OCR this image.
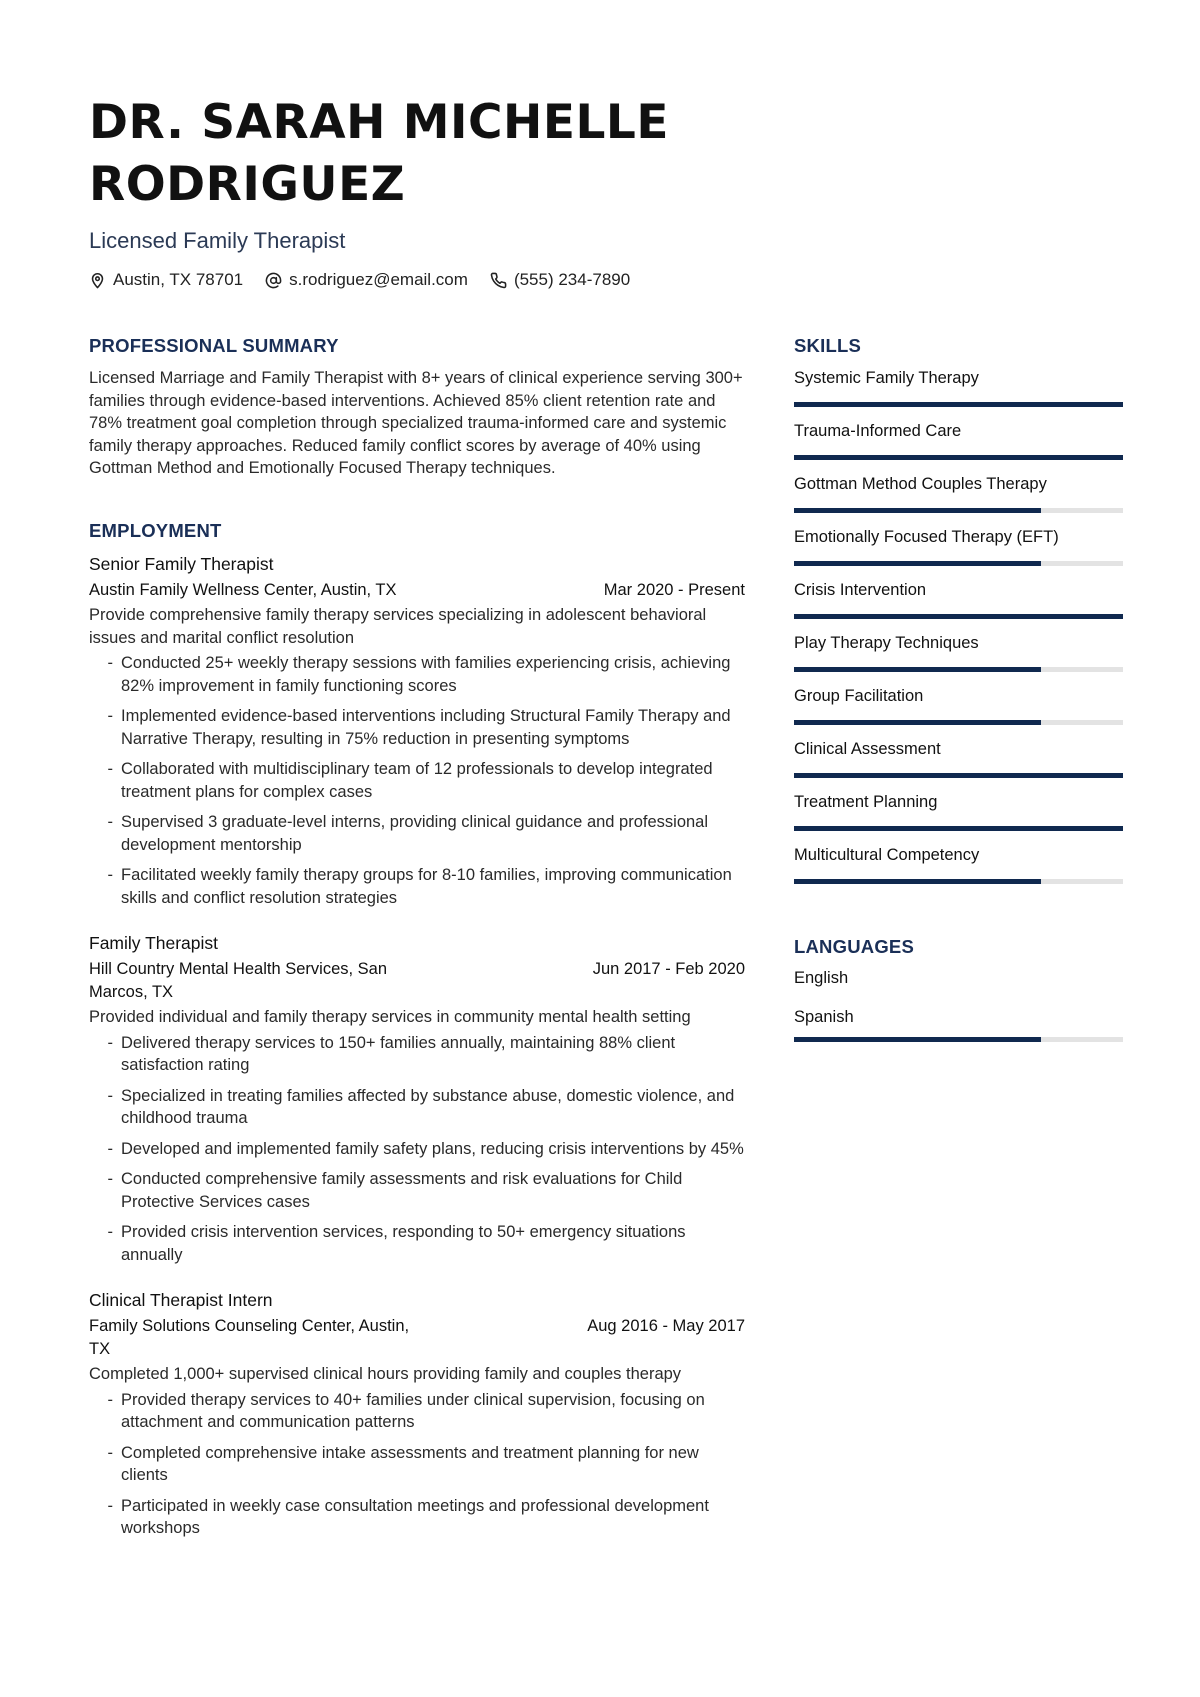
DR. SARAH MICHELLE
RODRIGUEZ
Licensed Family Therapist
Austin, TX 78701	s.rodriguez@email.com	(555) 234-7890
PROFESSIONAL SUMMARY

Licensed Marriage and Family Therapist with 8+ years of clinical experience serving 300+ families through evidence-based interventions. Achieved 85% client retention rate and 78% treatment goal completion through specialized trauma-informed care and systemic family therapy approaches. Reduced family conflict scores by average of 40% using Gottman Method and Emotionally Focused Therapy techniques.

EMPLOYMENT
Senior Family Therapist
Austin Family Wellness Center, Austin, TX	Mar 2020 - Present
Provide comprehensive family therapy services specializing in adolescent behavioral issues and marital conflict resolution
- Conducted 25+ weekly therapy sessions with families experiencing crisis, achieving 82% improvement in family functioning scores
- Implemented evidence-based interventions including Structural Family Therapy and Narrative Therapy, resulting in 75% reduction in presenting symptoms
- Collaborated with multidisciplinary team of 12 professionals to develop integrated treatment plans for complex cases
- Supervised 3 graduate-level interns, providing clinical guidance and professional development mentorship
- Facilitated weekly family therapy groups for 8-10 families, improving communication skills and conflict resolution strategies
Family Therapist
Hill Country Mental Health Services, San Marcos, TX
Jun 2017 - Feb 2020
Provided individual and family therapy services in community mental health setting
- Delivered therapy services to 150+ families annually, maintaining 88% client satisfaction rating
- Specialized in treating families affected by substance abuse, domestic violence, and childhood trauma
- Developed and implemented family safety plans, reducing crisis interventions by 45%
- Conducted comprehensive family assessments and risk evaluations for Child Protective Services cases
- Provided crisis intervention services, responding to 50+ emergency situations annually
Clinical Therapist Intern
Family Solutions Counseling Center, Austin, TX
Aug 2016 - May 2017
Completed 1,000+ supervised clinical hours providing family and couples therapy
- Provided therapy services to 40+ families under clinical supervision, focusing on attachment and communication patterns
- Completed comprehensive intake assessments and treatment planning for new clients
- Participated in weekly case consultation meetings and professional development workshops
SKILLS
Systemic Family Therapy
Trauma-Informed Care
Gottman Method Couples Therapy
Emotionally Focused Therapy (EFT)
Crisis Intervention
Play Therapy Techniques
Group Facilitation
Clinical Assessment
Treatment Planning
Multicultural Competency
LANGUAGES
English
Spanish
